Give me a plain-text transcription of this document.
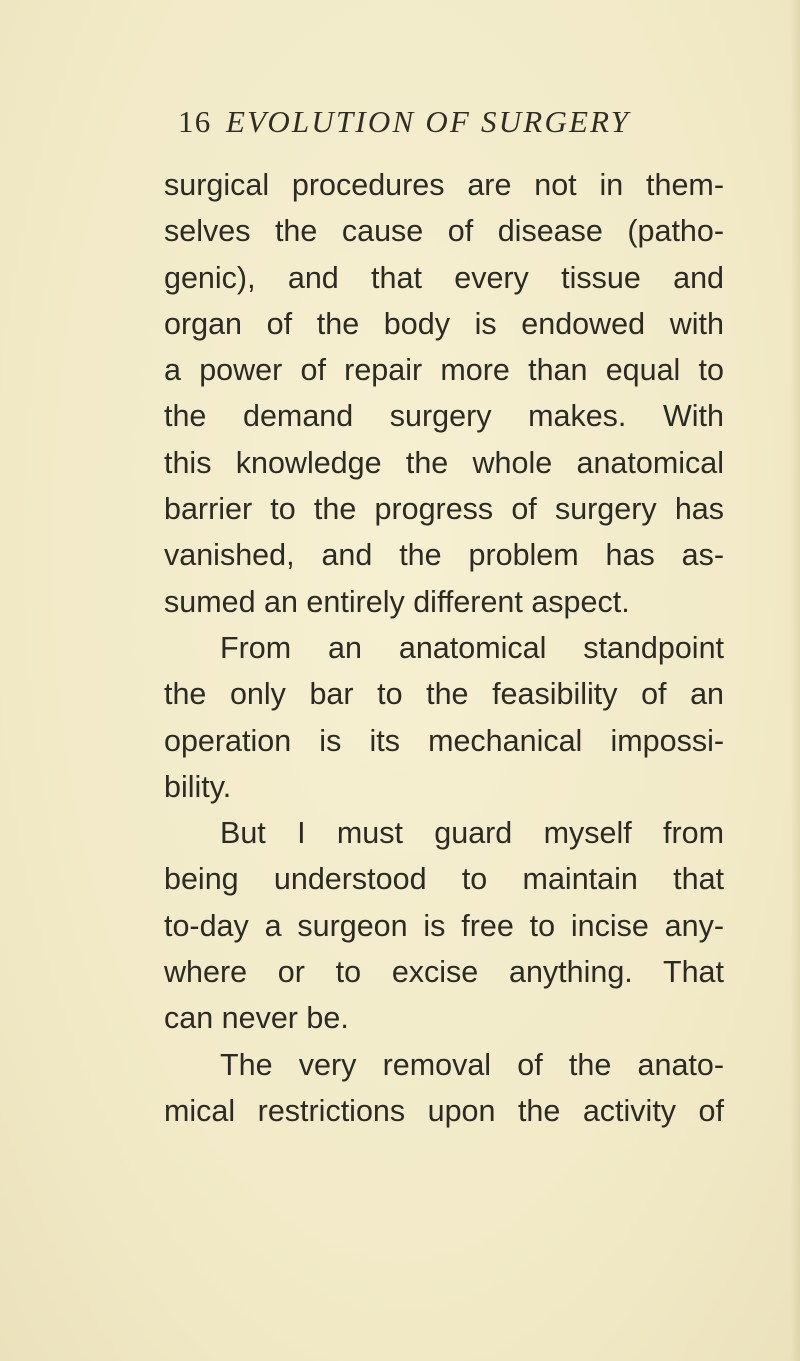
16 EVOLUTION OF SURGERY
surgical procedures are not in them-
selves the cause of disease (patho-
genic), and that every tissue and
organ of the body is endowed with
a power of repair more than equal to
the demand surgery makes. With
this knowledge the whole anatomical
barrier to the progress of surgery has
vanished, and the problem has as-
sumed an entirely different aspect.
From an anatomical standpoint
the only bar to the feasibility of an
operation is its mechanical impossi-
bility.
But I must guard myself from
being understood to maintain that
to-day a surgeon is free to incise any-
where or to excise anything. That
can never be.
The very removal of the anato-
mical restrictions upon the activity of
